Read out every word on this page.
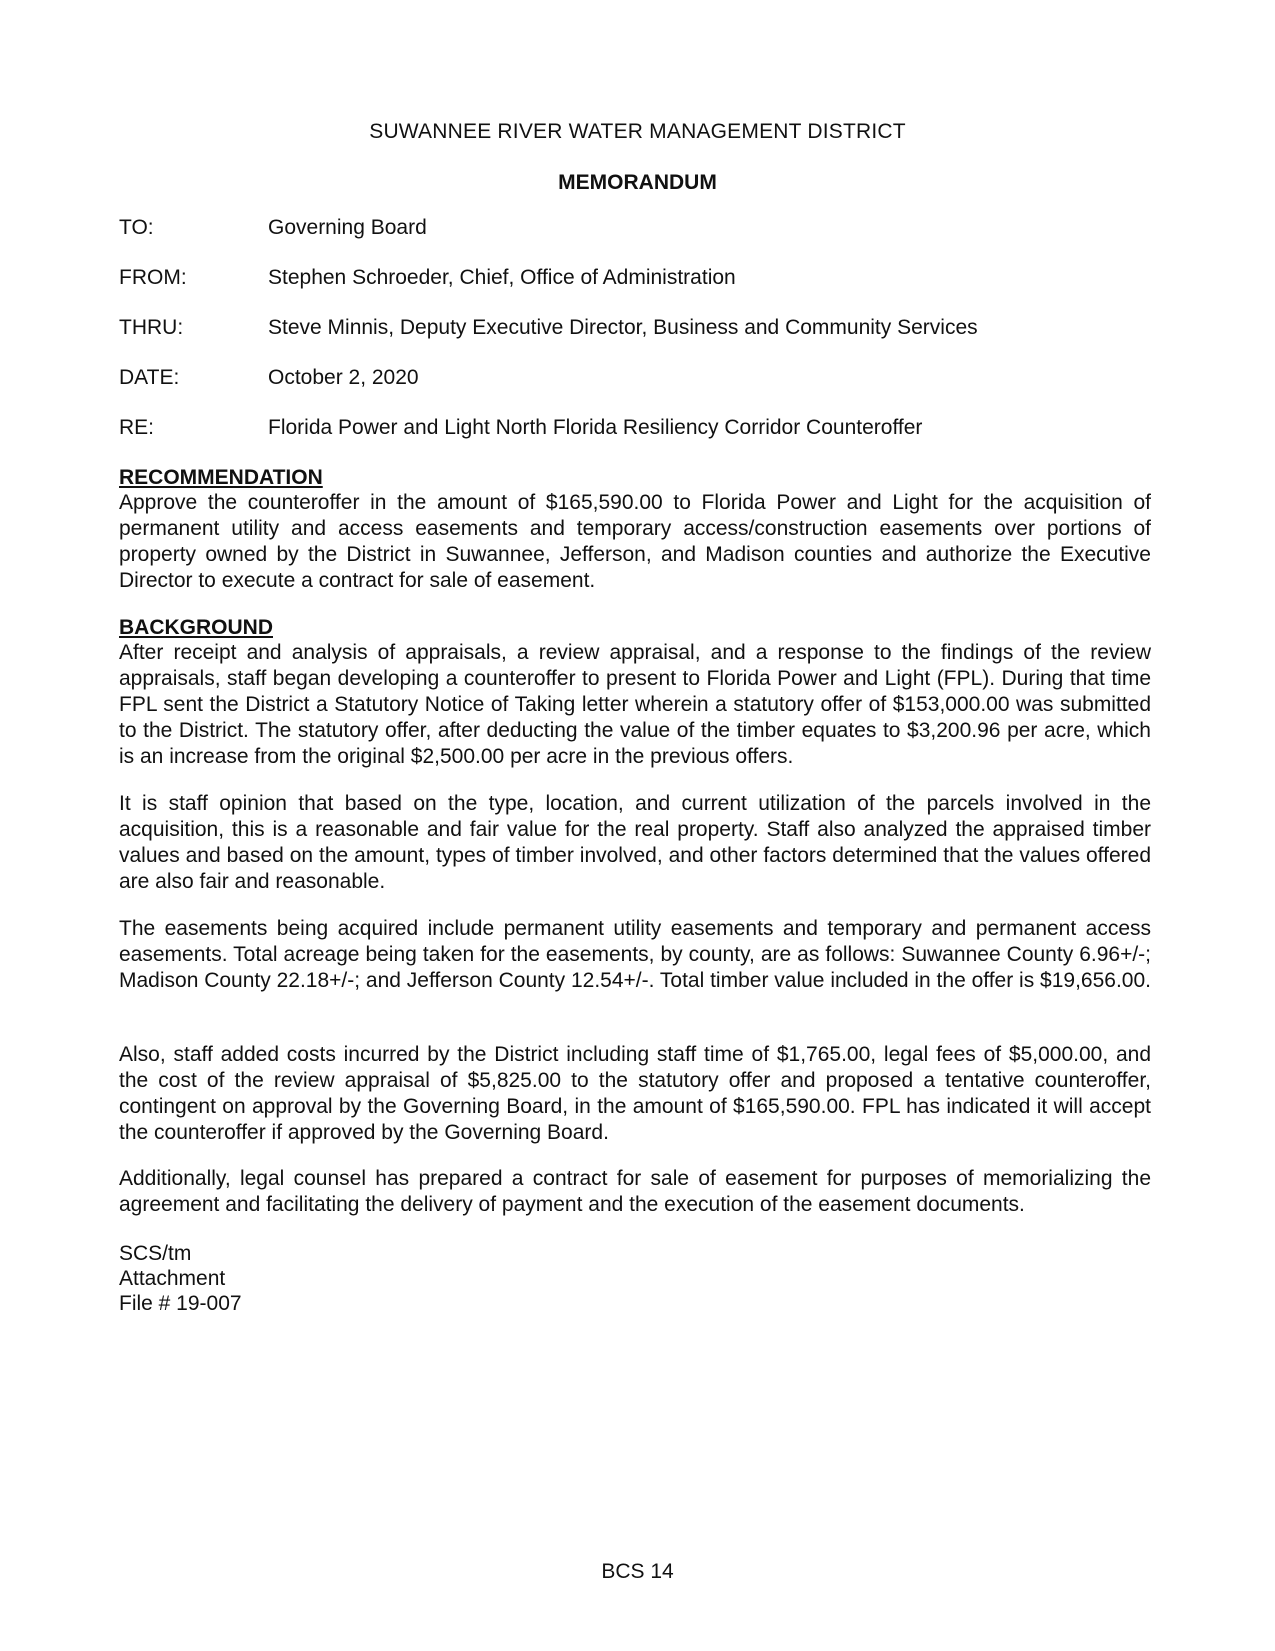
SUWANNEE RIVER WATER MANAGEMENT DISTRICT
MEMORANDUM
TO:	Governing Board
FROM:	Stephen Schroeder, Chief, Office of Administration
THRU:	Steve Minnis, Deputy Executive Director, Business and Community Services
DATE:	October 2, 2020
RE:	Florida Power and Light North Florida Resiliency Corridor Counteroffer
RECOMMENDATION
Approve the counteroffer in the amount of $165,590.00 to Florida Power and Light for the acquisition of permanent utility and access easements and temporary access/construction easements over portions of property owned by the District in Suwannee, Jefferson, and Madison counties and authorize the Executive Director to execute a contract for sale of easement.
BACKGROUND
After receipt and analysis of appraisals, a review appraisal, and a response to the findings of the review appraisals, staff began developing a counteroffer to present to Florida Power and Light (FPL). During that time FPL sent the District a Statutory Notice of Taking letter wherein a statutory offer of $153,000.00 was submitted to the District. The statutory offer, after deducting the value of the timber equates to $3,200.96 per acre, which is an increase from the original $2,500.00 per acre in the previous offers.
It is staff opinion that based on the type, location, and current utilization of the parcels involved in the acquisition, this is a reasonable and fair value for the real property. Staff also analyzed the appraised timber values and based on the amount, types of timber involved, and other factors determined that the values offered are also fair and reasonable.
The easements being acquired include permanent utility easements and temporary and permanent access easements. Total acreage being taken for the easements, by county, are as follows: Suwannee County 6.96+/-; Madison County 22.18+/-; and Jefferson County 12.54+/-. Total timber value included in the offer is $19,656.00.
Also, staff added costs incurred by the District including staff time of $1,765.00, legal fees of $5,000.00, and the cost of the review appraisal of $5,825.00 to the statutory offer and proposed a tentative counteroffer, contingent on approval by the Governing Board, in the amount of $165,590.00. FPL has indicated it will accept the counteroffer if approved by the Governing Board.
Additionally, legal counsel has prepared a contract for sale of easement for purposes of memorializing the agreement and facilitating the delivery of payment and the execution of the easement documents.
SCS/tm
Attachment
File # 19-007
BCS 14
